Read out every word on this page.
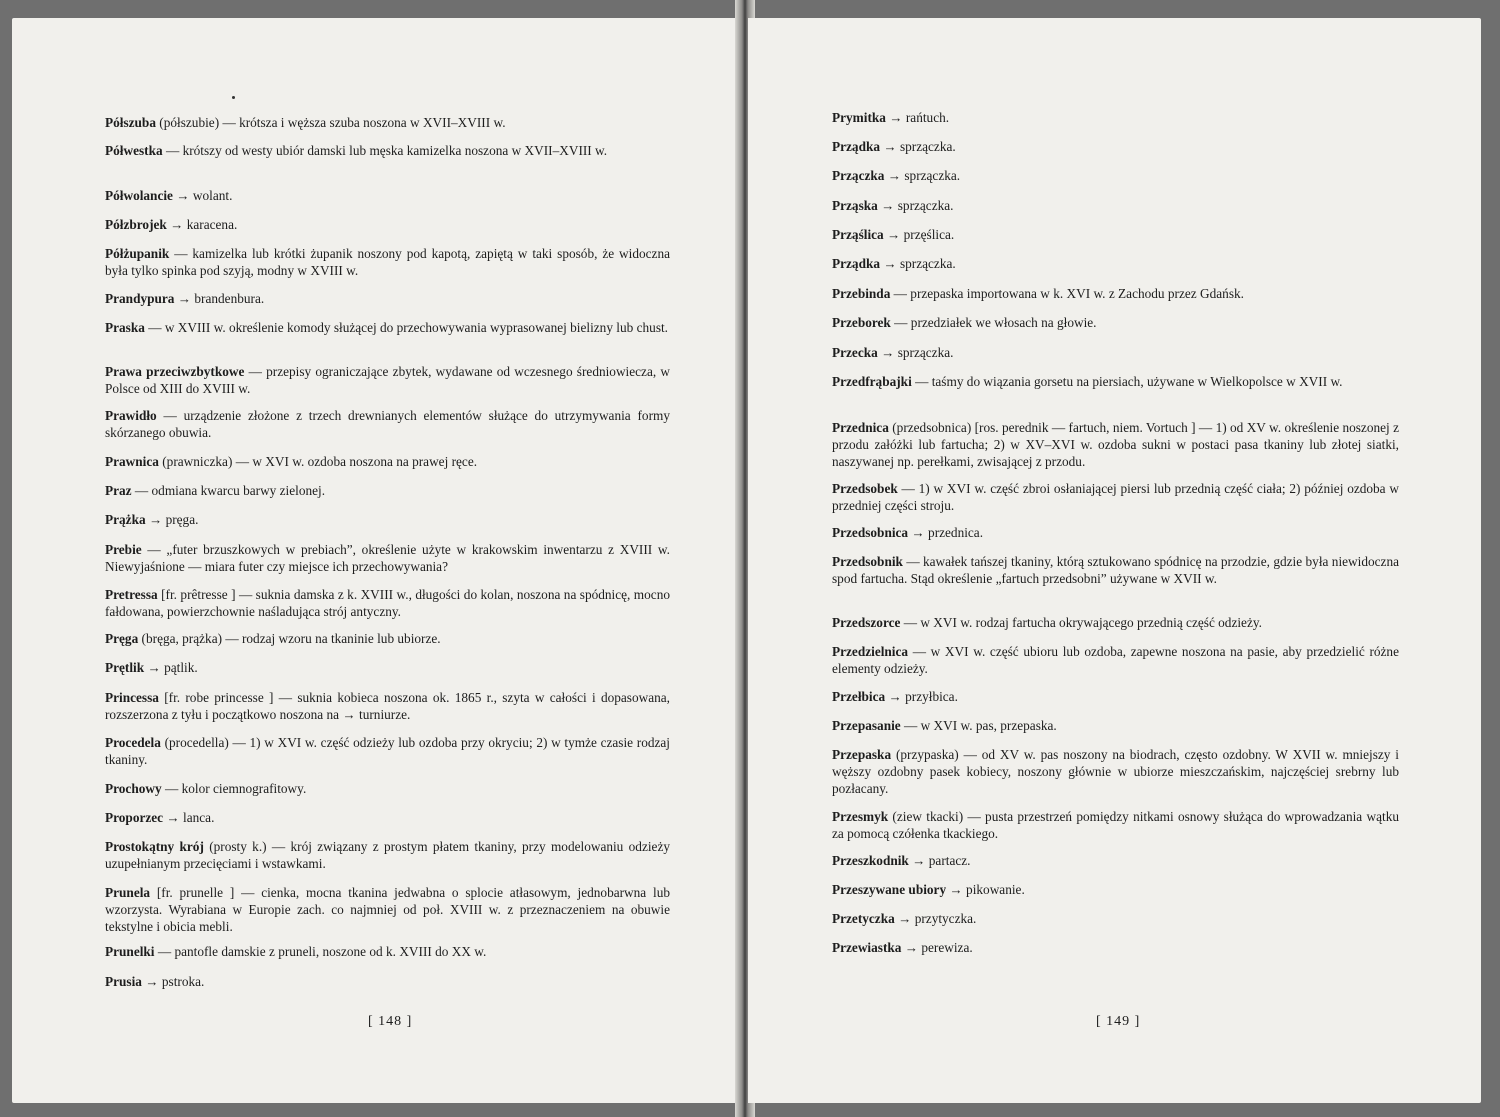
Półszuba (półszubie) — krótsza i węższa szuba noszona w XVII–XVIII w.

Półwestka — krótszy od westy ubiór damski lub męska kamizelka noszona w XVII–XVIII w.

Półwolancie → wolant.

Półzbrojek → karacena.

Półżupanik — kamizelka lub krótki żupanik noszony pod kapotą, zapiętą w taki sposób, że widoczna była tylko spinka pod szyją, modny w XVIII w.

Prandypura → brandenbura.

Praska — w XVIII w. określenie komody służącej do przechowywania wyprasowanej bielizny lub chust.

Prawa przeciwzbytkowe — przepisy ograniczające zbytek, wydawane od wczesnego średniowiecza, w Polsce od XIII do XVIII w.

Prawidło — urządzenie złożone z trzech drewnianych elementów służące do utrzymywania formy skórzanego obuwia.

Prawnica (prawniczka) — w XVI w. ozdoba noszona na prawej ręce.

Praz — odmiana kwarcu barwy zielonej.

Prążka → pręga.

Prebie — „futer brzuszkowych w prebiach”, określenie użyte w krakowskim inwentarzu z XVIII w. Niewyjaśnione — miara futer czy miejsce ich przechowywania?

Pretressa [fr. prêtresse ] — suknia damska z k. XVIII w., długości do kolan, noszona na spódnicę, mocno fałdowana, powierzchownie naśladująca strój antyczny.

Pręga (bręga, prążka) — rodzaj wzoru na tkaninie lub ubiorze.

Prętlik → pątlik.

Princessa [fr. robe princesse ] — suknia kobieca noszona ok. 1865 r., szyta w całości i dopasowana, rozszerzona z tyłu i początkowo noszona na → turniurze.

Procedela (procedella) — 1) w XVI w. część odzieży lub ozdoba przy okryciu; 2) w tymże czasie rodzaj tkaniny.

Prochowy — kolor ciemnografitowy.

Proporzec → lanca.

Prostokątny krój (prosty k.) — krój związany z prostym płatem tkaniny, przy modelowaniu odzieży uzupełnianym przecięciami i wstawkami.

Prunela [fr. prunelle ] — cienka, mocna tkanina jedwabna o splocie atłasowym, jednobarwna lub wzorzysta. Wyrabiana w Europie zach. co najmniej od poł. XVIII w. z przeznaczeniem na obuwie tekstylne i obicia mebli.

Prunelki — pantofle damskie z pruneli, noszone od k. XVIII do XX w.

Prusia → pstroka.

[ 148 ]

Prymitka → rańtuch.

Prządka → sprzączka.

Przączka → sprzączka.

Prząska → sprzączka.

Prząślica → przęślica.

Prządka → sprzączka.

Przebinda — przepaska importowana w k. XVI w. z Zachodu przez Gdańsk.

Przeborek — przedziałek we włosach na głowie.

Przecka → sprzączka.

Przedfrąbajki — taśmy do wiązania gorsetu na piersiach, używane w Wielkopolsce w XVII w.

Przednica (przedsobnica) [ros. perednik — fartuch, niem. Vortuch ] — 1) od XV w. określenie noszonej z przodu załóżki lub fartucha; 2) w XV–XVI w. ozdoba sukni w postaci pasa tkaniny lub złotej siatki, naszywanej np. perełkami, zwisającej z przodu.

Przedsobek — 1) w XVI w. część zbroi osłaniającej piersi lub przednią część ciała; 2) później ozdoba w przedniej części stroju.

Przedsobnica → przednica.

Przedsobnik — kawałek tańszej tkaniny, którą sztukowano spódnicę na przodzie, gdzie była niewidoczna spod fartucha. Stąd określenie „fartuch przedsobni” używane w XVII w.

Przedszorce — w XVI w. rodzaj fartucha okrywającego przednią część odzieży.

Przedzielnica — w XVI w. część ubioru lub ozdoba, zapewne noszona na pasie, aby przedzielić różne elementy odzieży.

Przełbica → przyłbica.

Przepasanie — w XVI w. pas, przepaska.

Przepaska (przypaska) — od XV w. pas noszony na biodrach, często ozdobny. W XVII w. mniejszy i węższy ozdobny pasek kobiecy, noszony głównie w ubiorze mieszczańskim, najczęściej srebrny lub pozłacany.

Przesmyk (ziew tkacki) — pusta przestrzeń pomiędzy nitkami osnowy służąca do wprowadzania wątku za pomocą czółenka tkackiego.

Przeszkodnik → partacz.

Przeszywane ubiory → pikowanie.

Przetyczka → przytyczka.

Przewiastka → perewiza.

[ 149 ]
